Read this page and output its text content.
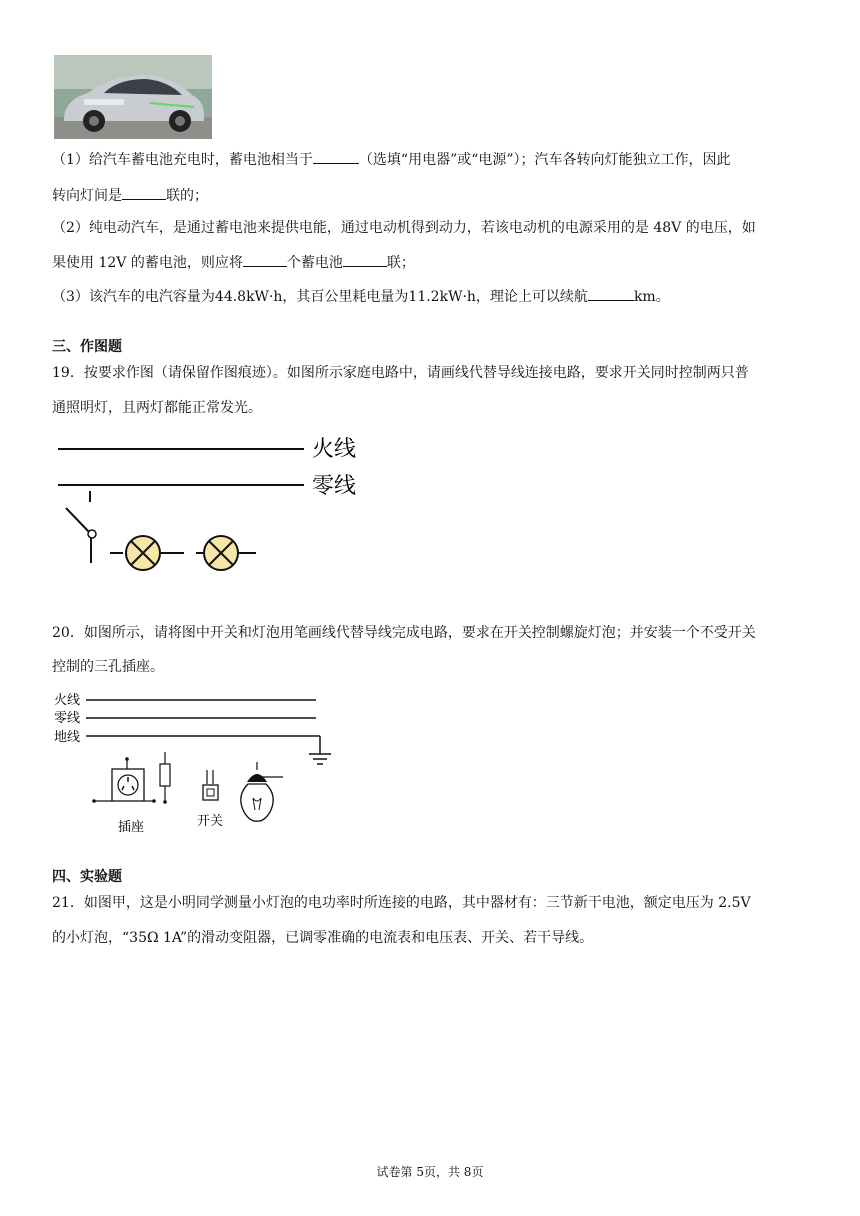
（1）给汽车蓄电池充电时，蓄电池相当于	（选填“用电器”或“电源”）；汽车各转向灯能独立工作，因此
转向灯间是	联的；
（2）纯电动汽车，是通过蓄电池来提供电能，通过电动机得到动力，若该电动机的电源采用的是 48V 的电压，如
果使用 12V 的蓄电池，则应将	个蓄电池	联；
（3）该汽车的电汽容量为44.8kW·h，其百公里耗电量为11.2kW·h，理论上可以续航	km。
三、作图题
19．按要求作图（请保留作图痕迹）。如图所示家庭电路中，请画线代替导线连接电路，要求开关同时控制两只普
通照明灯，且两灯都能正常发光。
火线
零线
20．如图所示，请将图中开关和灯泡用笔画线代替导线完成电路，要求在开关控制螺旋灯泡；并安装一个不受开关
控制的三孔插座。
火线
零线
地线
插座	开关
四、实验题
21．如图甲，这是小明同学测量小灯泡的电功率时所连接的电路，其中器材有：三节新干电池，额定电压为 2.5V
的小灯泡，“35Ω 1A”的滑动变阻器，已调零准确的电流表和电压表、开关、若干导线。
试卷第 5页，共 8页
